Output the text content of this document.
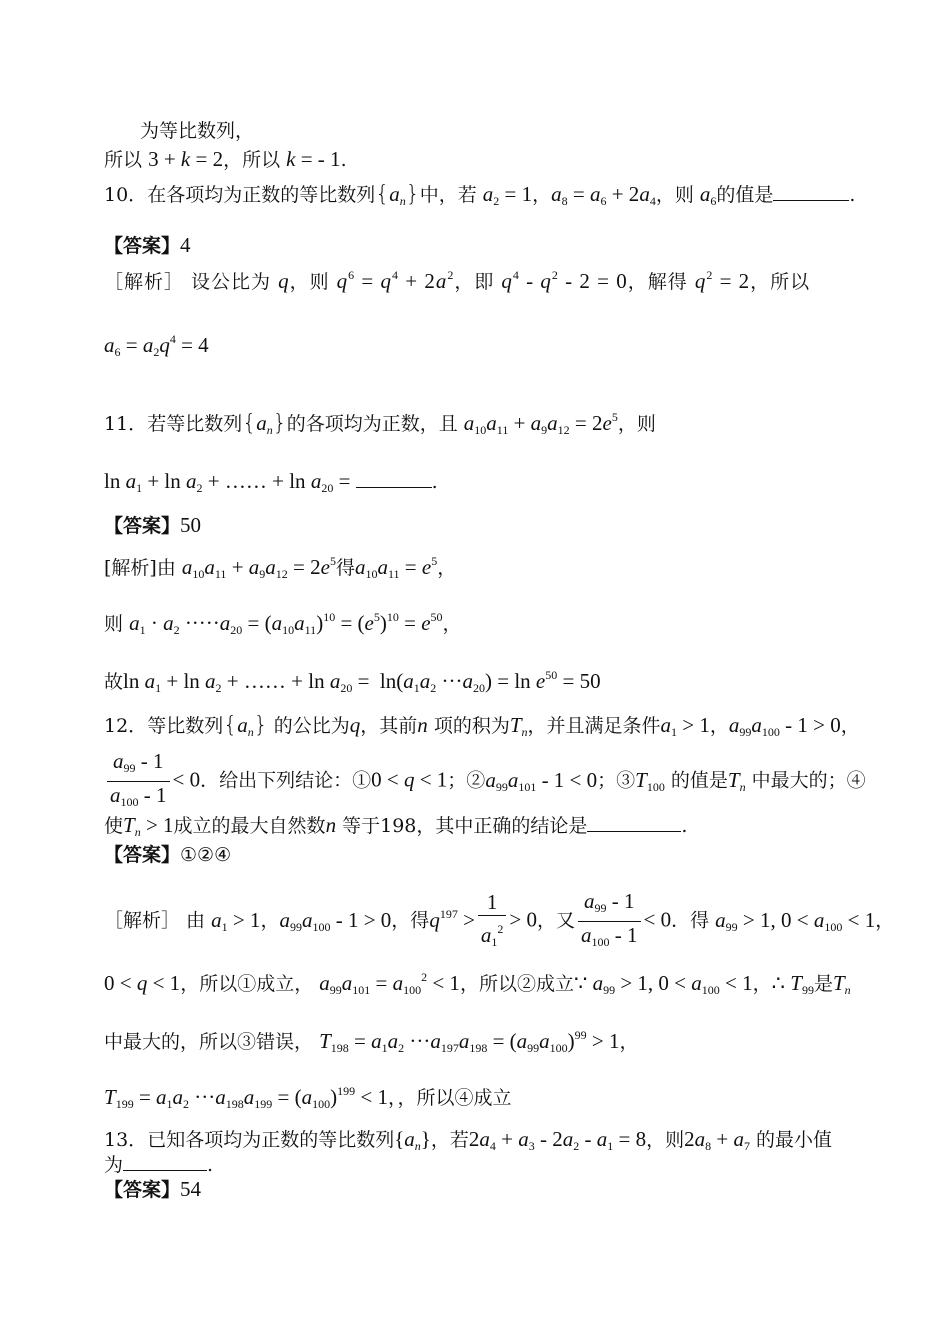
为等比数列，
所以 3 + k = 2，所以 k = - 1.
10．在各项均为正数的等比数列$\{a_n\}$中，若 $a_2 = 1$，$a_8 = a_6 + 2a_4$，则 $a_6$的值是	.
【答案】4
［解析］ 设公比为 q，则 $q^6 = q^4 + 2a^2$，即 $q^4 - q^2 - 2 = 0$，解得 $q^2 = 2$，所以
$a_6 = a_2q^4 = 4$
11．若等比数列$\{a_n\}$的各项均为正数，且 $a_{10}a_{11} + a_9a_{12} = 2e^5$，则
$\ln a_1 + \ln a_2$ + …… + $\ln a_{20}$ =	.
【答案】50
[解析]由 $a_{10}a_{11} + a_9a_{12} = 2e^5$得$a_{10}a_{11} = e^5$，
则 $a_1 \cdot a_2 \cdot\cdot\cdot\cdot\cdot a_{20} = (a_{10}a_{11})^{10} = (e^5)^{10} = e^{50}$，
故$\ln a_1 + \ln a_2$ + …… + $\ln a_{20} = \ln(a_1a_2 \cdot\cdot\cdot a_{20}) = \ln e^{50} = 50$
12．等比数列$\{a_n\}$ 的公比为q，其前n 项的积为$T_n$，并且满足条件$a_1 > 1$，$a_{99}a_{100} - 1 > 0$，
$\frac{a_{99} - 1}{a_{100} - 1} < 0$．给出下列结论：①0 < q < 1；$②a_{99}a_{101} - 1 < 0$；$③T_{100}$ 的值是$T_n$ 中最大的；④
使$T_n > 1$成立的最大自然数n 等于198，其中正确的结论是	.
【答案】①②④
［解析］ 由 $a_1 > 1$，$a_{99}a_{100} - 1 > 0$，得$q^{197} > \frac{1}{a_1^2} > 0$，又 $\frac{a_{99} - 1}{a_{100} - 1} < 0$．得 $a_{99} > 1$, $0 < a_{100} < 1$，
0 < q < 1，所以①成立， $a_{99}a_{101} = a_{100}^2 < 1$，所以②成立∵ $a_{99} > 1$, $0 < a_{100} < 1$，∴ $T_{99}$是$T_n$
中最大的，所以③错误， $T_{198} = a_1a_2 \cdot\cdot\cdot a_{197}a_{198} = (a_{99}a_{100})^{99} > 1$，
$T_{199} = a_1a_2 \cdot\cdot\cdot a_{198}a_{199} = (a_{100})^{199} < 1$，，所以④成立
13．已知各项均为正数的等比数列$\{a_n\}$，若$2a_4 + a_3 - 2a_2 - a_1 = 8$，则$2a_8 + a_7$ 的最小值
为	.
【答案】54
